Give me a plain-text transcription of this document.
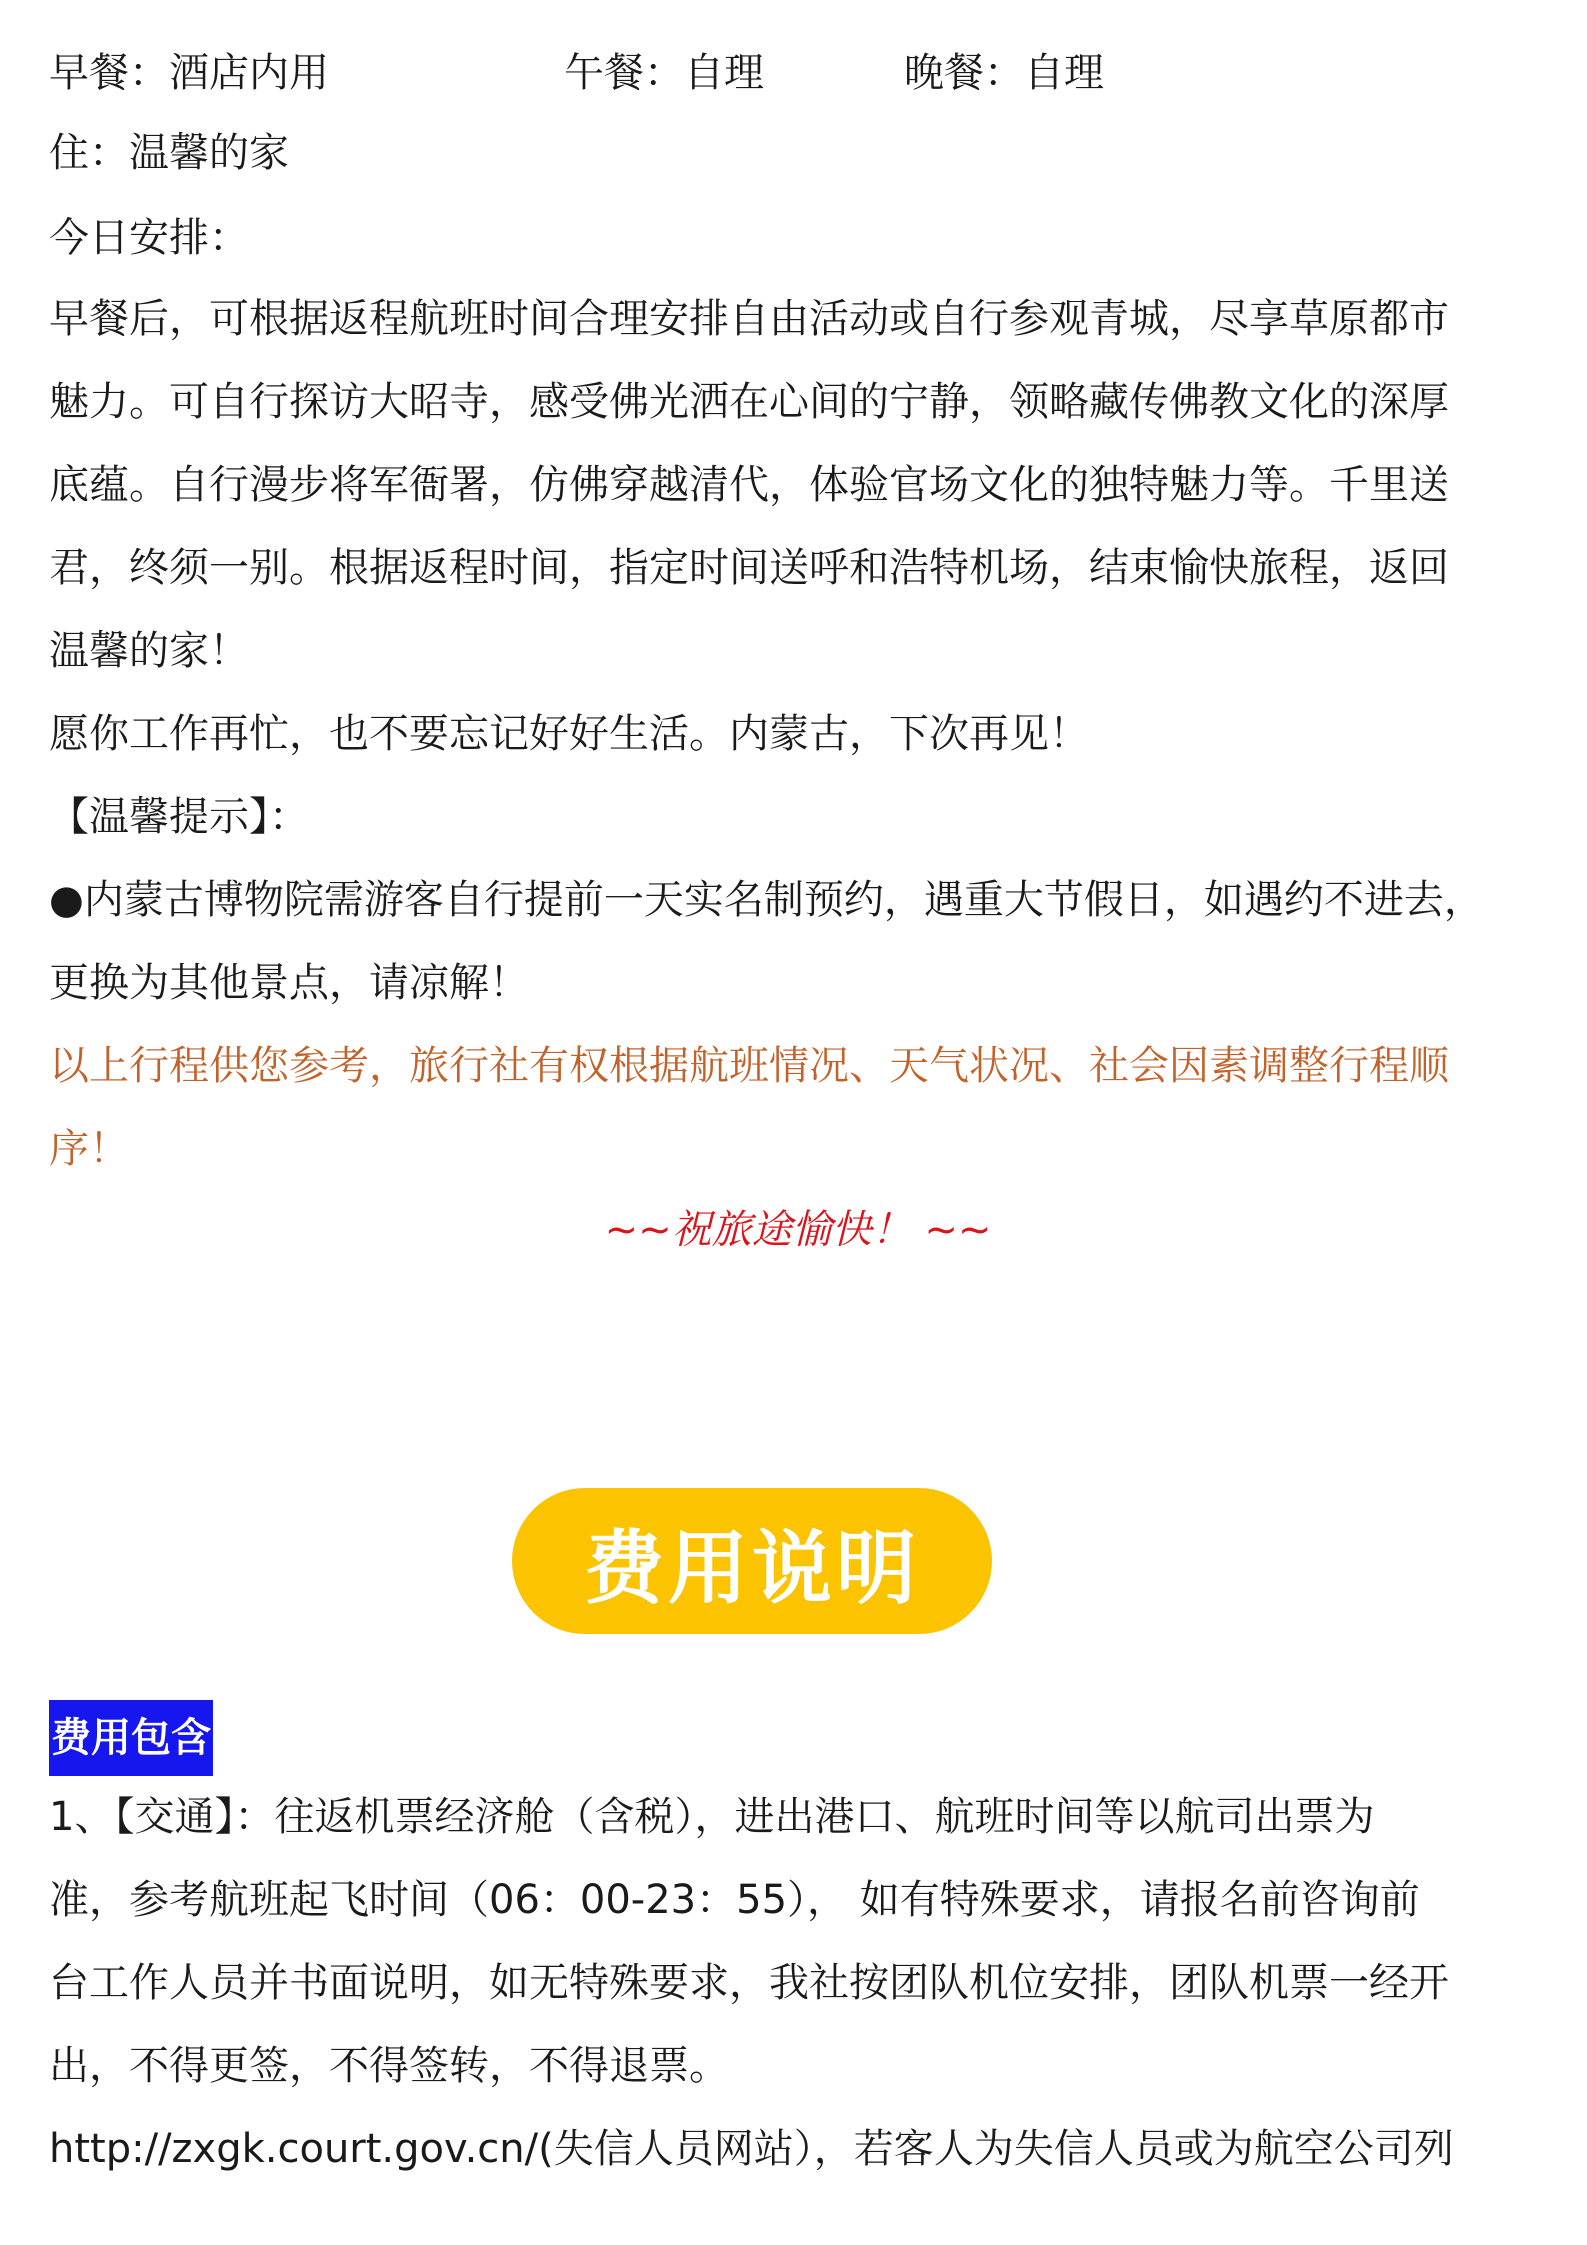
早餐：酒店内用	午餐：自理	晚餐：自理

住：温馨的家

今日安排：

早餐后，可根据返程航班时间合理安排自由活动或自行参观青城，尽享草原都市

魅力。可自行探访大昭寺，感受佛光洒在心间的宁静，领略藏传佛教文化的深厚

底蕴。自行漫步将军衙署，仿佛穿越清代，体验官场文化的独特魅力等。千里送

君，终须一别。根据返程时间，指定时间送呼和浩特机场，结束愉快旅程，返回

温馨的家！

愿你工作再忙，也不要忘记好好生活。内蒙古，下次再见！

【温馨提示】：

●内蒙古博物院需游客自行提前一天实名制预约，遇重大节假日，如遇约不进去，

更换为其他景点，请凉解！

以上行程供您参考，旅行社有权根据航班情况、天气状况、社会因素调整行程顺

序！

~~祝旅途愉快！ ~~

费用说明
费用包含

1、【交通】：往返机票经济舱（含税），进出港口、航班时间等以航司出票为

准，参考航班起飞时间（06：00-23：55）， 如有特殊要求，请报名前咨询前

台工作人员并书面说明，如无特殊要求，我社按团队机位安排，团队机票一经开

出，不得更签，不得签转，不得退票。

http://zxgk.court.gov.cn/(失信人员网站），若客人为失信人员或为航空公司列
